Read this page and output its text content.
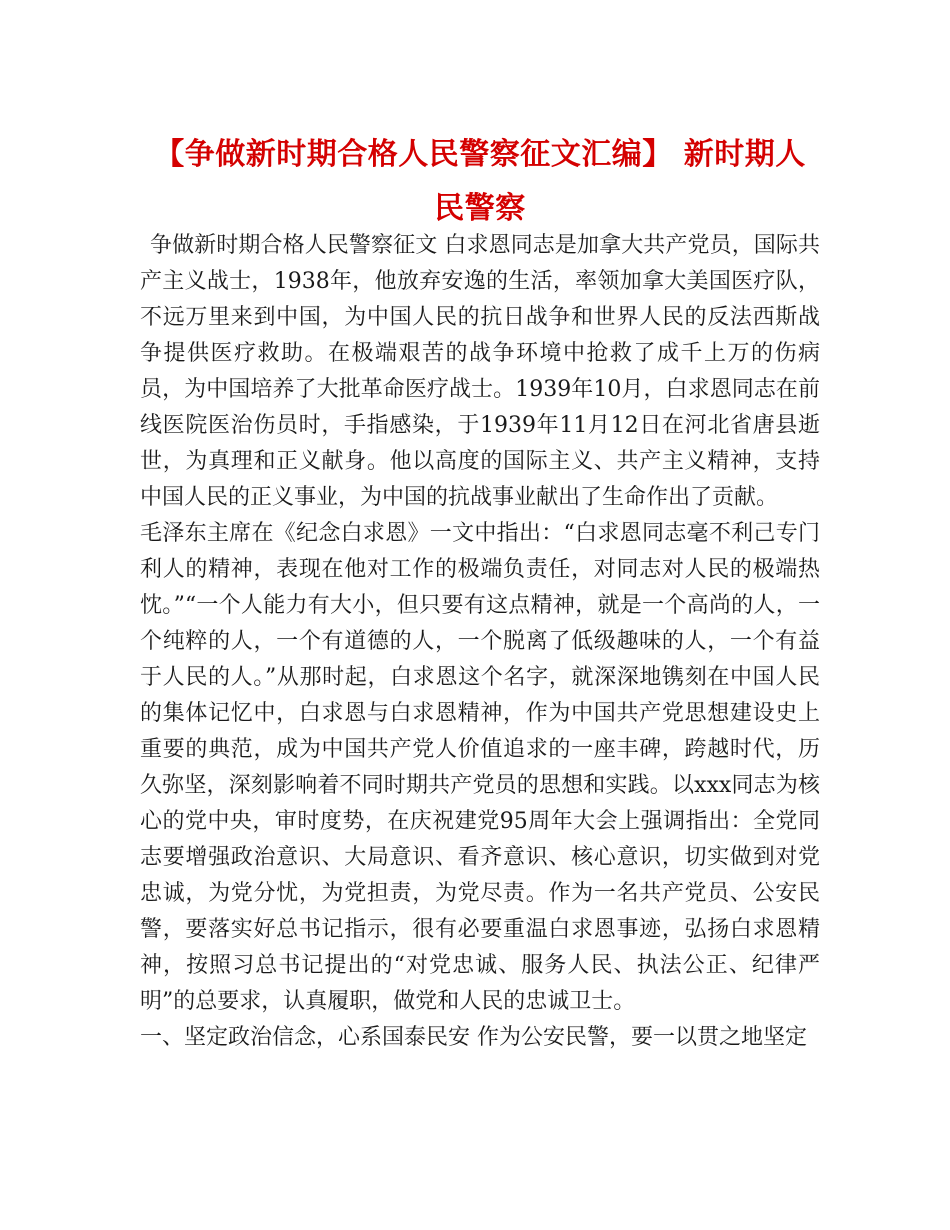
【争做新时期合格人民警察征文汇编】 新时期人民警察

争做新时期合格人民警察征文 白求恩同志是加拿大共产党员，国际共产主义战士，1938年，他放弃安逸的生活，率领加拿大美国医疗队，不远万里来到中国，为中国人民的抗日战争和世界人民的反法西斯战争提供医疗救助。在极端艰苦的战争环境中抢救了成千上万的伤病员，为中国培养了大批革命医疗战士。1939年10月，白求恩同志在前线医院医治伤员时，手指感染，于1939年11月12日在河北省唐县逝世，为真理和正义献身。他以高度的国际主义、共产主义精神，支持中国人民的正义事业，为中国的抗战事业献出了生命作出了贡献。

毛泽东主席在《纪念白求恩》一文中指出：“白求恩同志毫不利己专门利人的精神，表现在他对工作的极端负责任，对同志对人民的极端热忱。”“一个人能力有大小，但只要有这点精神，就是一个高尚的人，一个纯粹的人，一个有道德的人，一个脱离了低级趣味的人，一个有益于人民的人。”从那时起，白求恩这个名字，就深深地镌刻在中国人民的集体记忆中，白求恩与白求恩精神，作为中国共产党思想建设史上重要的典范，成为中国共产党人价值追求的一座丰碑，跨越时代，历久弥坚，深刻影响着不同时期共产党员的思想和实践。以xxx同志为核心的党中央，审时度势，在庆祝建党95周年大会上强调指出：全党同志要增强政治意识、大局意识、看齐意识、核心意识，切实做到对党忠诚，为党分忧，为党担责，为党尽责。作为一名共产党员、公安民警，要落实好总书记指示，很有必要重温白求恩事迹，弘扬白求恩精神，按照习总书记提出的“对党忠诚、服务人民、执法公正、纪律严明”的总要求，认真履职，做党和人民的忠诚卫士。

一、坚定政治信念，心系国泰民安 作为公安民警，要一以贯之地坚定
